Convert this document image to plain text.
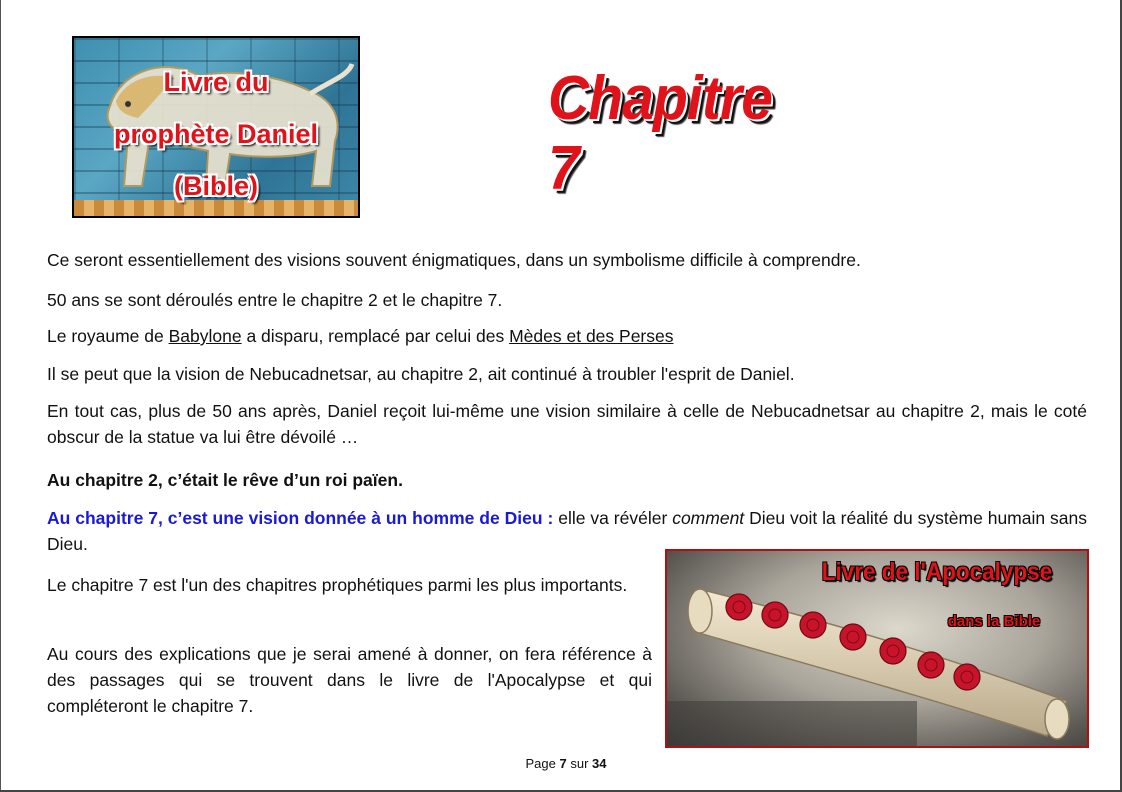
Livre du
prophète Daniel
(Bible)
Chapitre 7

Ce seront essentiellement des visions souvent énigmatiques, dans un symbolisme difficile à comprendre.

50 ans se sont déroulés entre le chapitre 2 et le chapitre 7.

Le royaume de Babylone a disparu, remplacé par celui des Mèdes et des Perses

Il se peut que la vision de Nebucadnetsar, au chapitre 2, ait continué à troubler l'esprit de Daniel.

En tout cas, plus de 50 ans après, Daniel reçoit lui-même une vision similaire à celle de Nebucadnetsar au chapitre 2, mais le coté obscur de la statue va lui être dévoilé …

Au chapitre 2, c’était le rêve d’un roi païen.

Au chapitre 7, c’est une vision donnée à un homme de Dieu : elle va révéler comment Dieu voit la réalité du système humain sans Dieu.

Le chapitre 7 est l'un des chapitres prophétiques parmi les plus importants.

Au cours des explications que je serai amené à donner, on fera référence à des passages qui se trouvent dans le livre de l'Apocalypse et qui compléteront le chapitre 7.

Livre de l'Apocalypse
dans la Bible
Page 7 sur 34
